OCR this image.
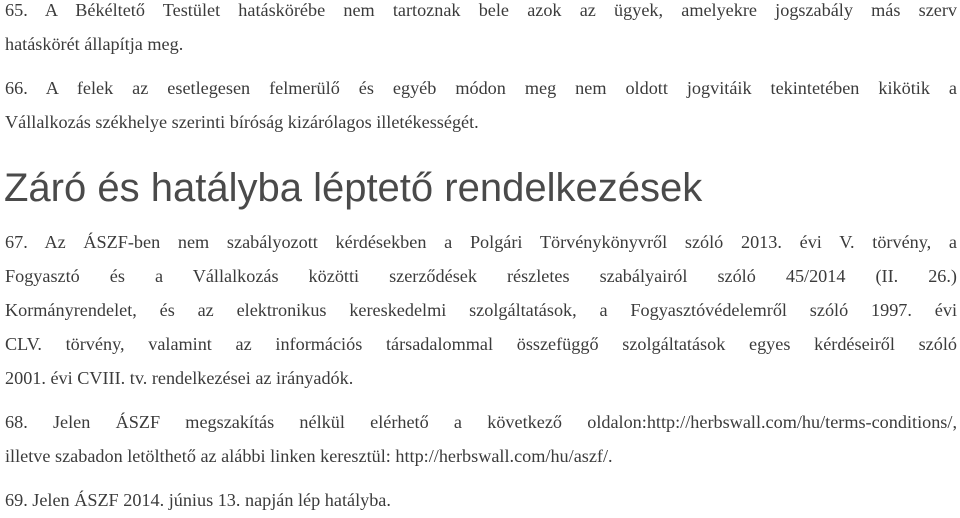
65. A Békéltető Testület hatáskörébe nem tartoznak bele azok az ügyek, amelyekre jogszabály más szerv
hatáskörét állapítja meg.
66. A felek az esetlegesen felmerülő és egyéb módon meg nem oldott jogvitáik tekintetében kikötik a
Vállalkozás székhelye szerinti bíróság kizárólagos illetékességét.
Záró és hatályba léptető rendelkezések
67. Az ÁSZF-ben nem szabályozott kérdésekben a Polgári Törvénykönyvről szóló 2013. évi V. törvény, a
Fogyasztó és a Vállalkozás közötti szerződések részletes szabályairól szóló 45/2014 (II. 26.)
Kormányrendelet, és az elektronikus kereskedelmi szolgáltatások, a Fogyasztóvédelemről szóló 1997. évi
CLV. törvény, valamint az információs társadalommal összefüggő szolgáltatások egyes kérdéseiről szóló
2001. évi CVIII. tv. rendelkezései az irányadók.
68. Jelen ÁSZF megszakítás nélkül elérhető a következő oldalon:http://herbswall.com/hu/terms-conditions/,
illetve szabadon letölthető az alábbi linken keresztül: http://herbswall.com/hu/aszf/.
69. Jelen ÁSZF 2014. június 13. napján lép hatályba.
